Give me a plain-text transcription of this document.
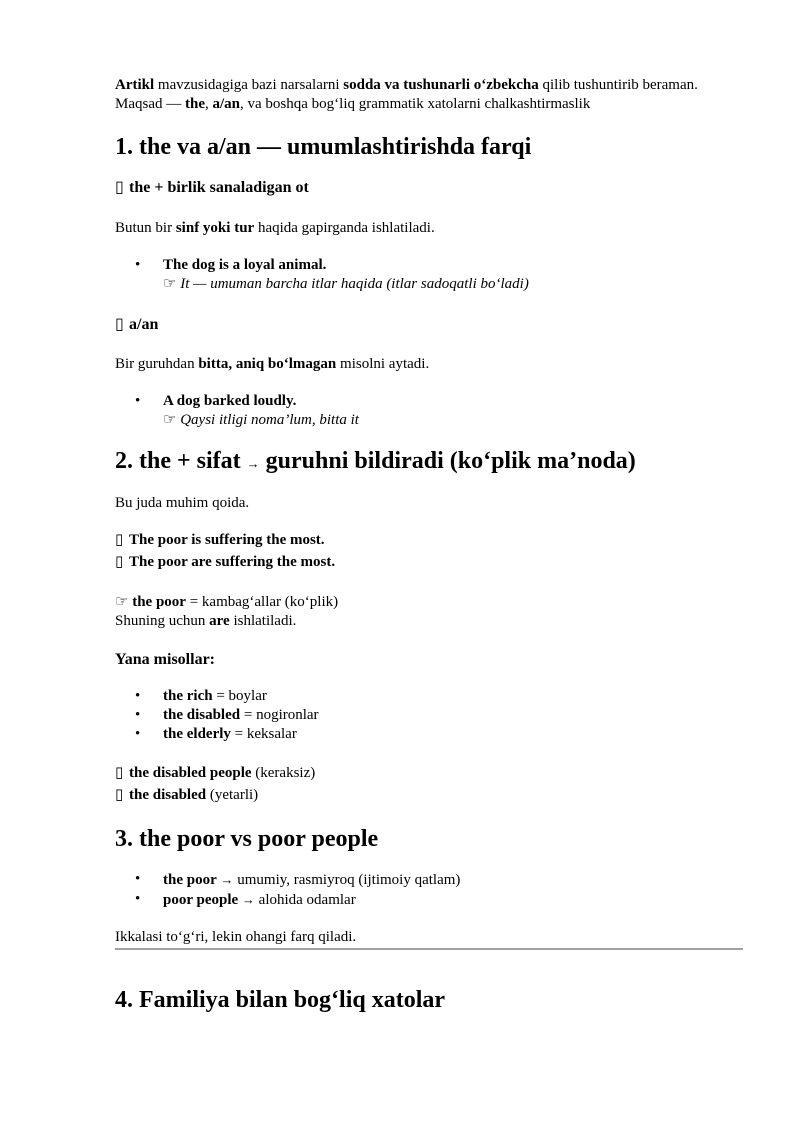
Artikl mavzusidagiga bazi narsalarni sodda va tushunarli o‘zbekcha qilib tushuntirib beraman.

Maqsad — the, a/an, va boshqa bog‘liq grammatik xatolarni chalkashtirmaslik

1. the va a/an — umumlashtirishda farqi
▯ the + birlik sanaladigan ot

Butun bir sinf yoki tur haqida gapirganda ishlatiladi.

• The dog is a loyal animal.
☞ It — umuman barcha itlar haqida (itlar sadoqatli bo‘ladi)
▯ a/an

Bir guruhdan bitta, aniq bo‘lmagan misolni aytadi.

• A dog barked loudly.
☞ Qaysi itligi noma’lum, bitta it
2. the + sifat → guruhni bildiradi (ko‘plik ma’noda)

Bu juda muhim qoida.

▯ The poor is suffering the most.

▯ The poor are suffering the most.

☞ the poor = kambag‘allar (ko‘plik)

Shuning uchun are ishlatiladi.

Yana misollar:
• the rich = boylar
• the disabled = nogironlar
• the elderly = keksalar

▯ the disabled people (keraksiz)

▯ the disabled (yetarli)

3. the poor vs poor people
• the poor → umumiy, rasmiyroq (ijtimoiy qatlam)
• poor people → alohida odamlar

Ikkalasi to‘g‘ri, lekin ohangi farq qiladi.

4. Familiya bilan bog‘liq xatolar
